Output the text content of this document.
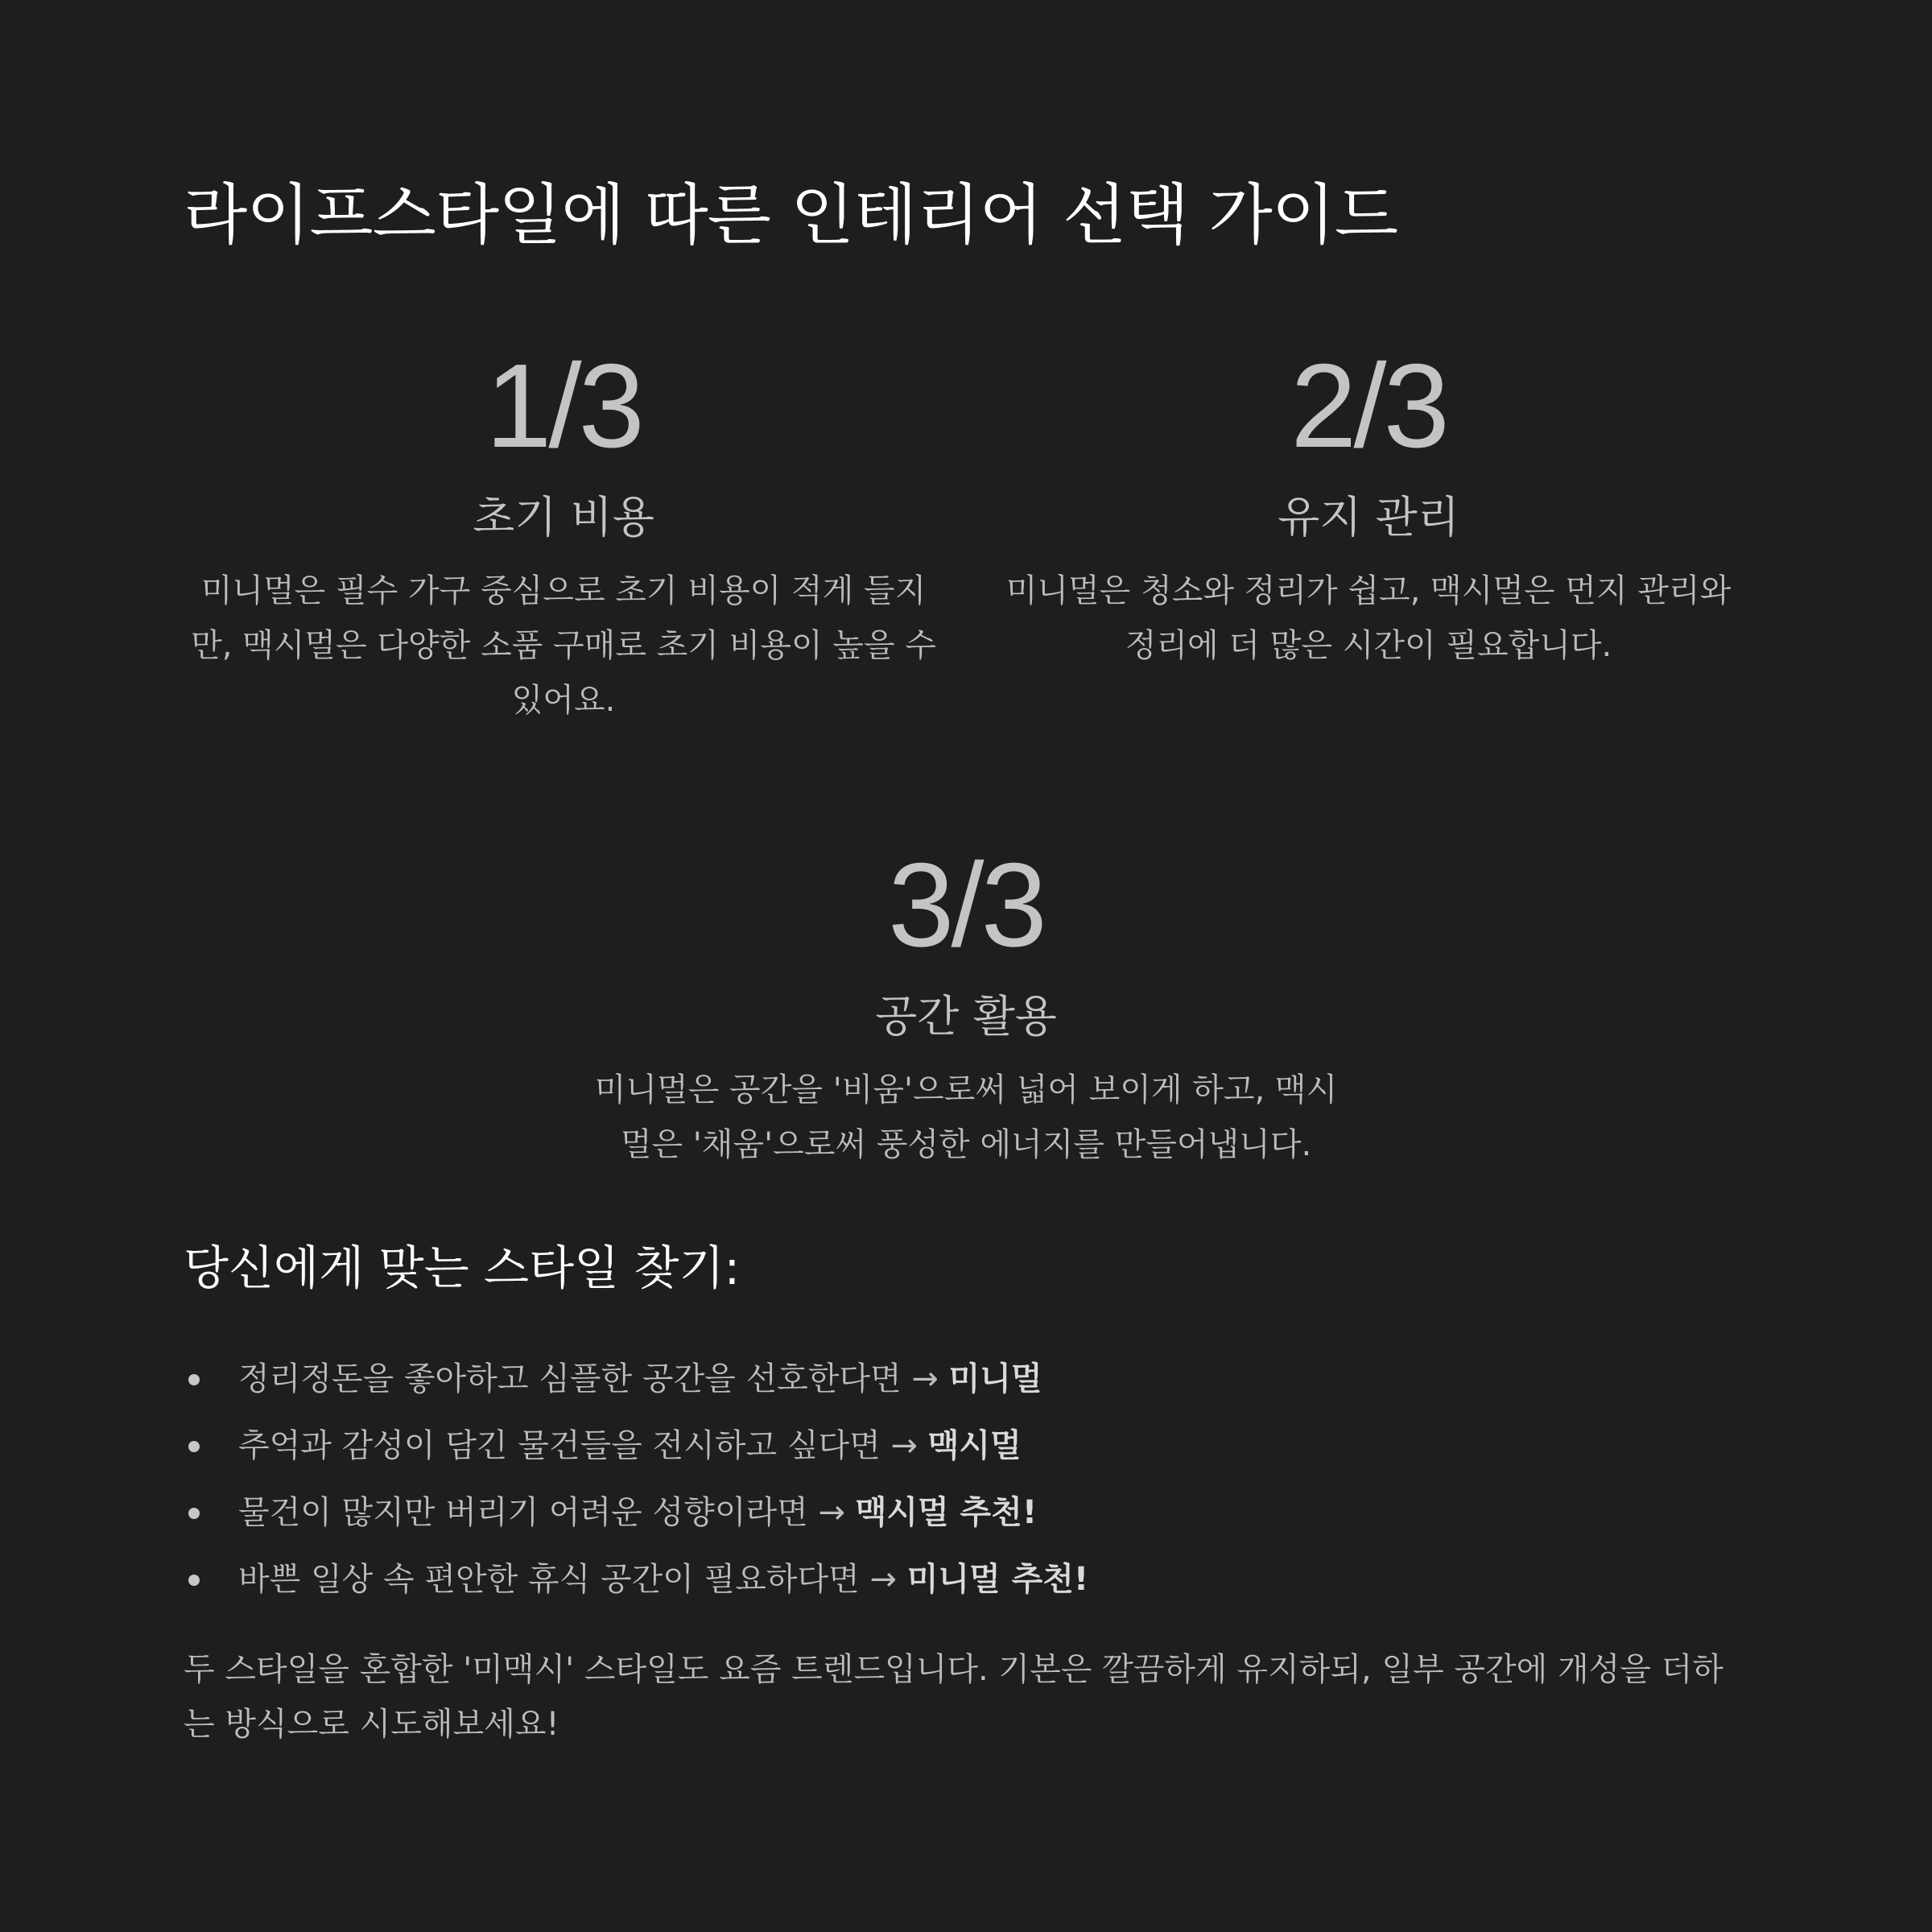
라이프스타일에 따른 인테리어 선택 가이드
1/3
초기 비용
미니멀은 필수 가구 중심으로 초기 비용이 적게 들지만, 맥시멀은 다양한 소품 구매로 초기 비용이 높을 수 있어요.
2/3
유지 관리
미니멀은 청소와 정리가 쉽고, 맥시멀은 먼지 관리와 정리에 더 많은 시간이 필요합니다.
3/3
공간 활용
미니멀은 공간을 '비움'으로써 넓어 보이게 하고, 맥시멀은 '채움'으로써 풍성한 에너지를 만들어냅니다.
당신에게 맞는 스타일 찾기:
정리정돈을 좋아하고 심플한 공간을 선호한다면 → 미니멀
추억과 감성이 담긴 물건들을 전시하고 싶다면 → 맥시멀
물건이 많지만 버리기 어려운 성향이라면 → 맥시멀 추천!
바쁜 일상 속 편안한 휴식 공간이 필요하다면 → 미니멀 추천!

두 스타일을 혼합한 '미맥시' 스타일도 요즘 트렌드입니다. 기본은 깔끔하게 유지하되, 일부 공간에 개성을 더하는 방식으로 시도해보세요!
